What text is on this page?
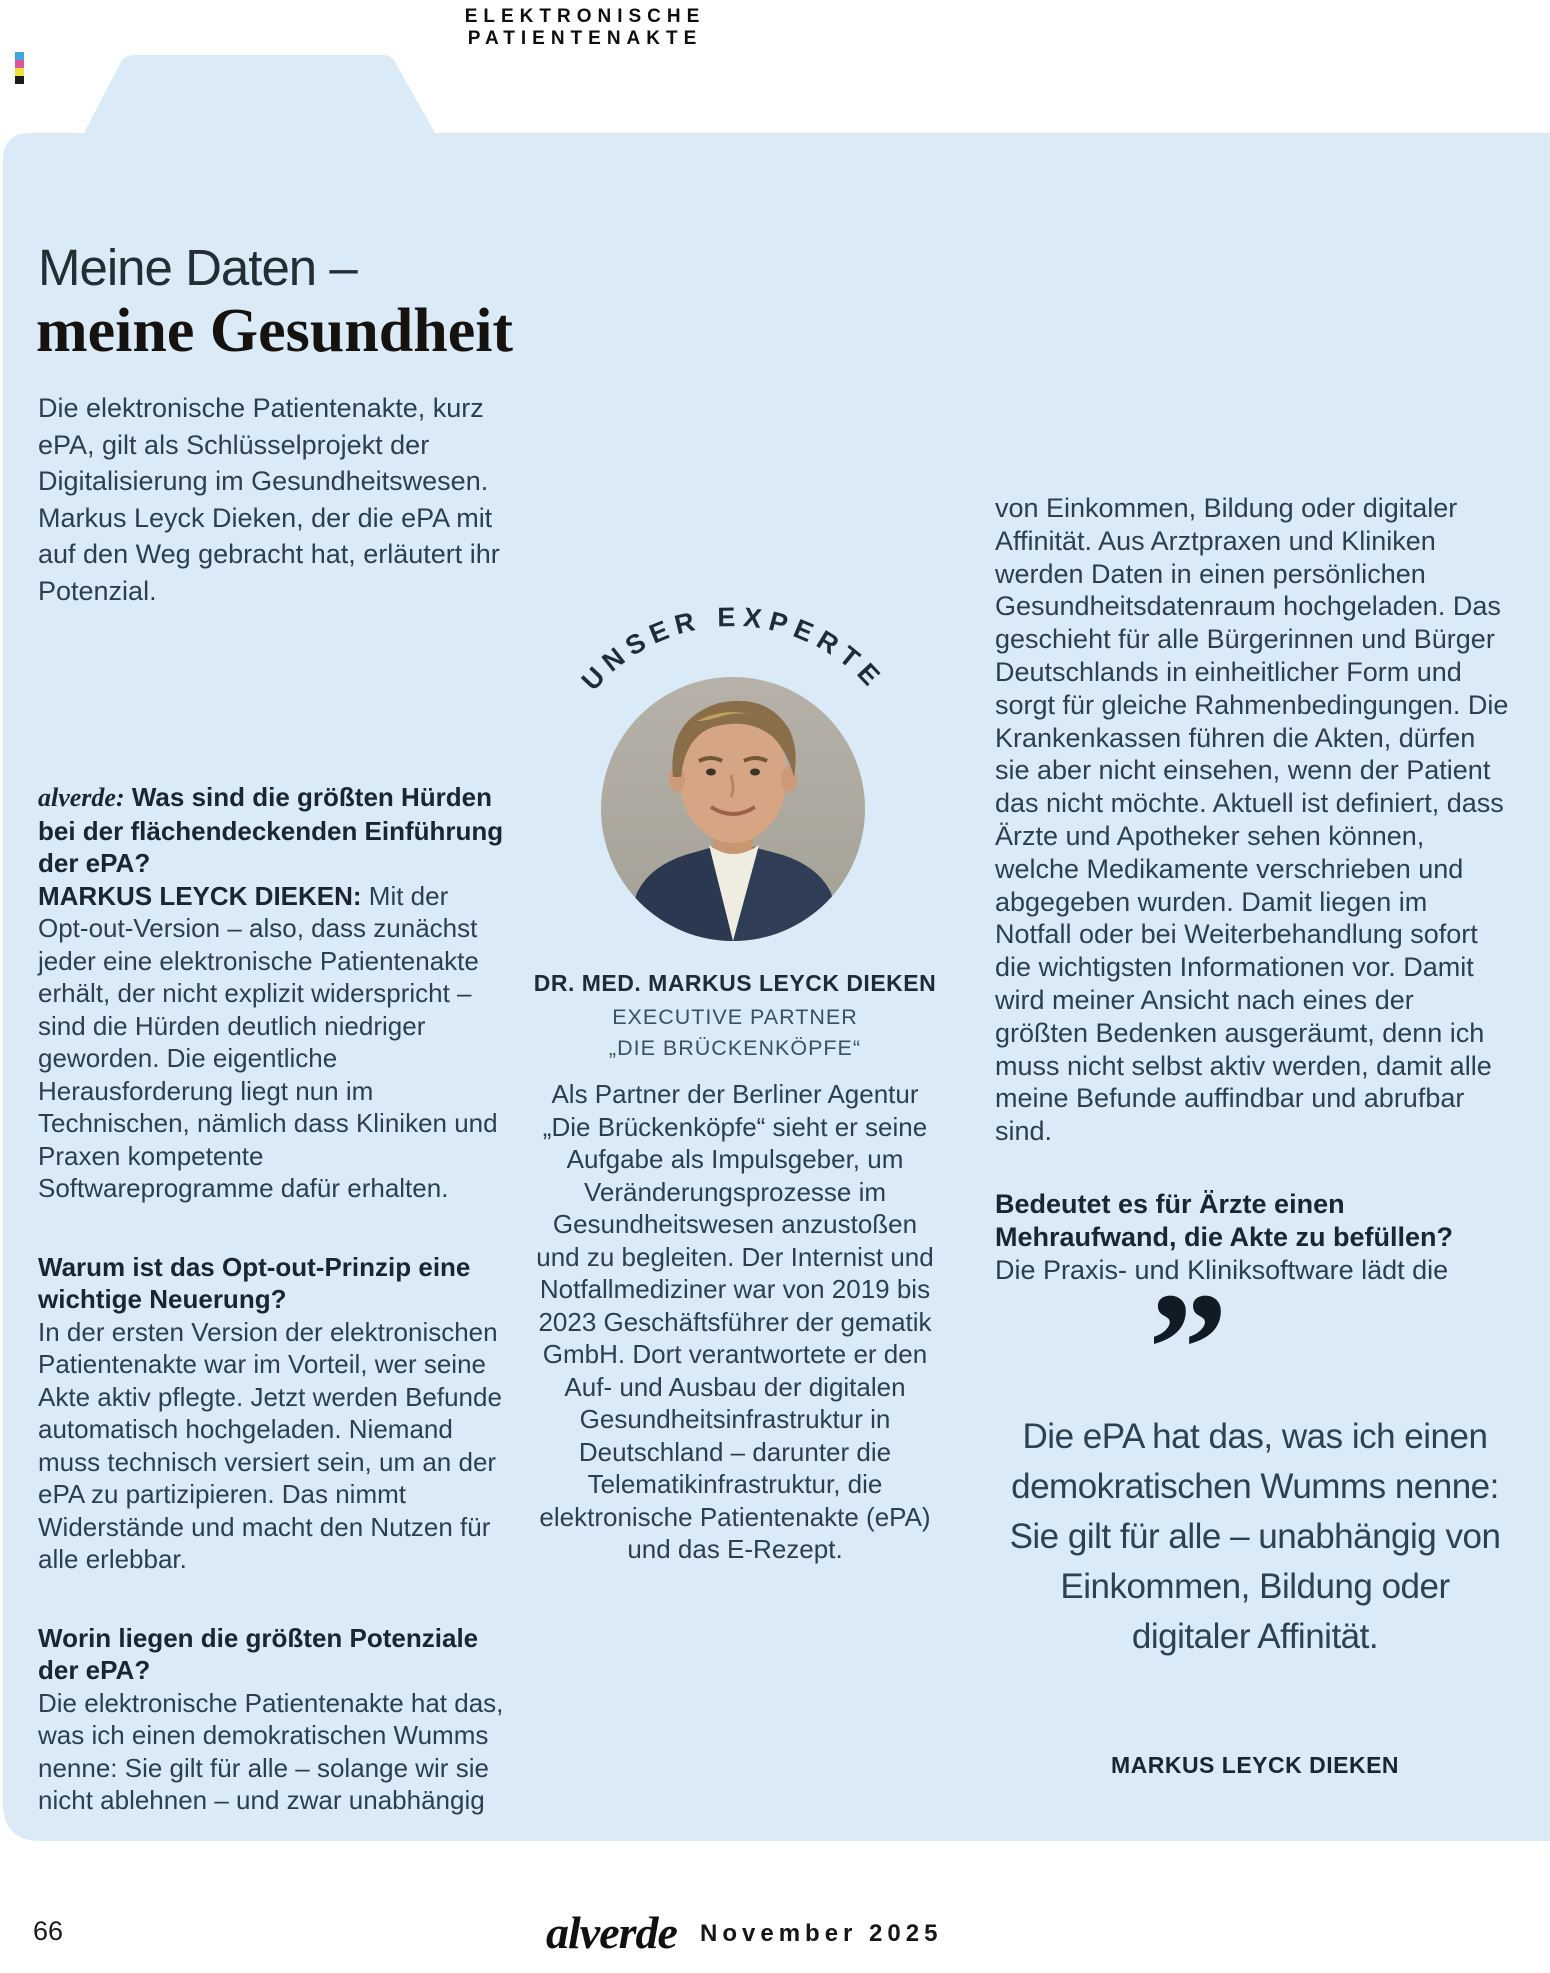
ELEKTRONISCHE PATIENTENAKTE
Meine Daten –
meine Gesundheit
Die elektronische Patientenakte, kurz ePA, gilt als Schlüsselprojekt der Digitalisierung im Gesundheitswesen. Markus Leyck Dieken, der die ePA mit auf den Weg gebracht hat, erläutert ihr Potenzial.
alverde: Was sind die größten Hürden bei der flächendeckenden Einführung der ePA?
MARKUS LEYCK DIEKEN: Mit der Opt-out-Version – also, dass zunächst jeder eine elektronische Patientenakte erhält, der nicht explizit widerspricht – sind die Hürden deutlich niedriger geworden. Die eigentliche Herausforderung liegt nun im Technischen, nämlich dass Kliniken und Praxen kompetente Softwareprogramme dafür erhalten.
Warum ist das Opt-out-Prinzip eine wichtige Neuerung?
In der ersten Version der elektronischen Patientenakte war im Vorteil, wer seine Akte aktiv pflegte. Jetzt werden Befunde automatisch hochgeladen. Niemand muss technisch versiert sein, um an der ePA zu partizipieren. Das nimmt Widerstände und macht den Nutzen für alle erlebbar.
Worin liegen die größten Potenziale der ePA?
Die elektronische Patientenakte hat das, was ich einen demokratischen Wumms nenne: Sie gilt für alle – solange wir sie nicht ablehnen – und zwar unabhängig
UNSER EXPERTE
DR. MED. MARKUS LEYCK DIEKEN
EXECUTIVE PARTNER
„DIE BRÜCKENKÖPFE“
Als Partner der Berliner Agentur „Die Brückenköpfe“ sieht er seine Aufgabe als Impulsgeber, um Veränderungsprozesse im Gesundheitswesen anzustoßen und zu begleiten. Der Internist und Notfallmediziner war von 2019 bis 2023 Geschäftsführer der gematik GmbH. Dort verantwortete er den Auf- und Ausbau der digitalen Gesundheitsinfrastruktur in Deutschland – darunter die Telematikinfrastruktur, die elektronische Patientenakte (ePA) und das E-Rezept.
von Einkommen, Bildung oder digitaler Affinität. Aus Arztpraxen und Kliniken werden Daten in einen persönlichen Gesundheitsdatenraum hochgeladen. Das geschieht für alle Bürgerinnen und Bürger Deutschlands in einheitlicher Form und sorgt für gleiche Rahmenbedingungen. Die Krankenkassen führen die Akten, dürfen sie aber nicht einsehen, wenn der Patient das nicht möchte. Aktuell ist definiert, dass Ärzte und Apotheker sehen können, welche Medikamente verschrieben und abgegeben wurden. Damit liegen im Notfall oder bei Weiterbehandlung sofort die wichtigsten Informationen vor. Damit wird meiner Ansicht nach eines der größten Bedenken ausgeräumt, denn ich muss nicht selbst aktiv werden, damit alle meine Befunde auffindbar und abrufbar sind.
Bedeutet es für Ärzte einen Mehraufwand, die Akte zu befüllen?
Die Praxis- und Kliniksoftware lädt die
”
Die ePA hat das, was ich einen demokratischen Wumms nenne: Sie gilt für alle – unabhängig von Einkommen, Bildung oder digitaler Affinität.
MARKUS LEYCK DIEKEN
66	alverde November 2025
